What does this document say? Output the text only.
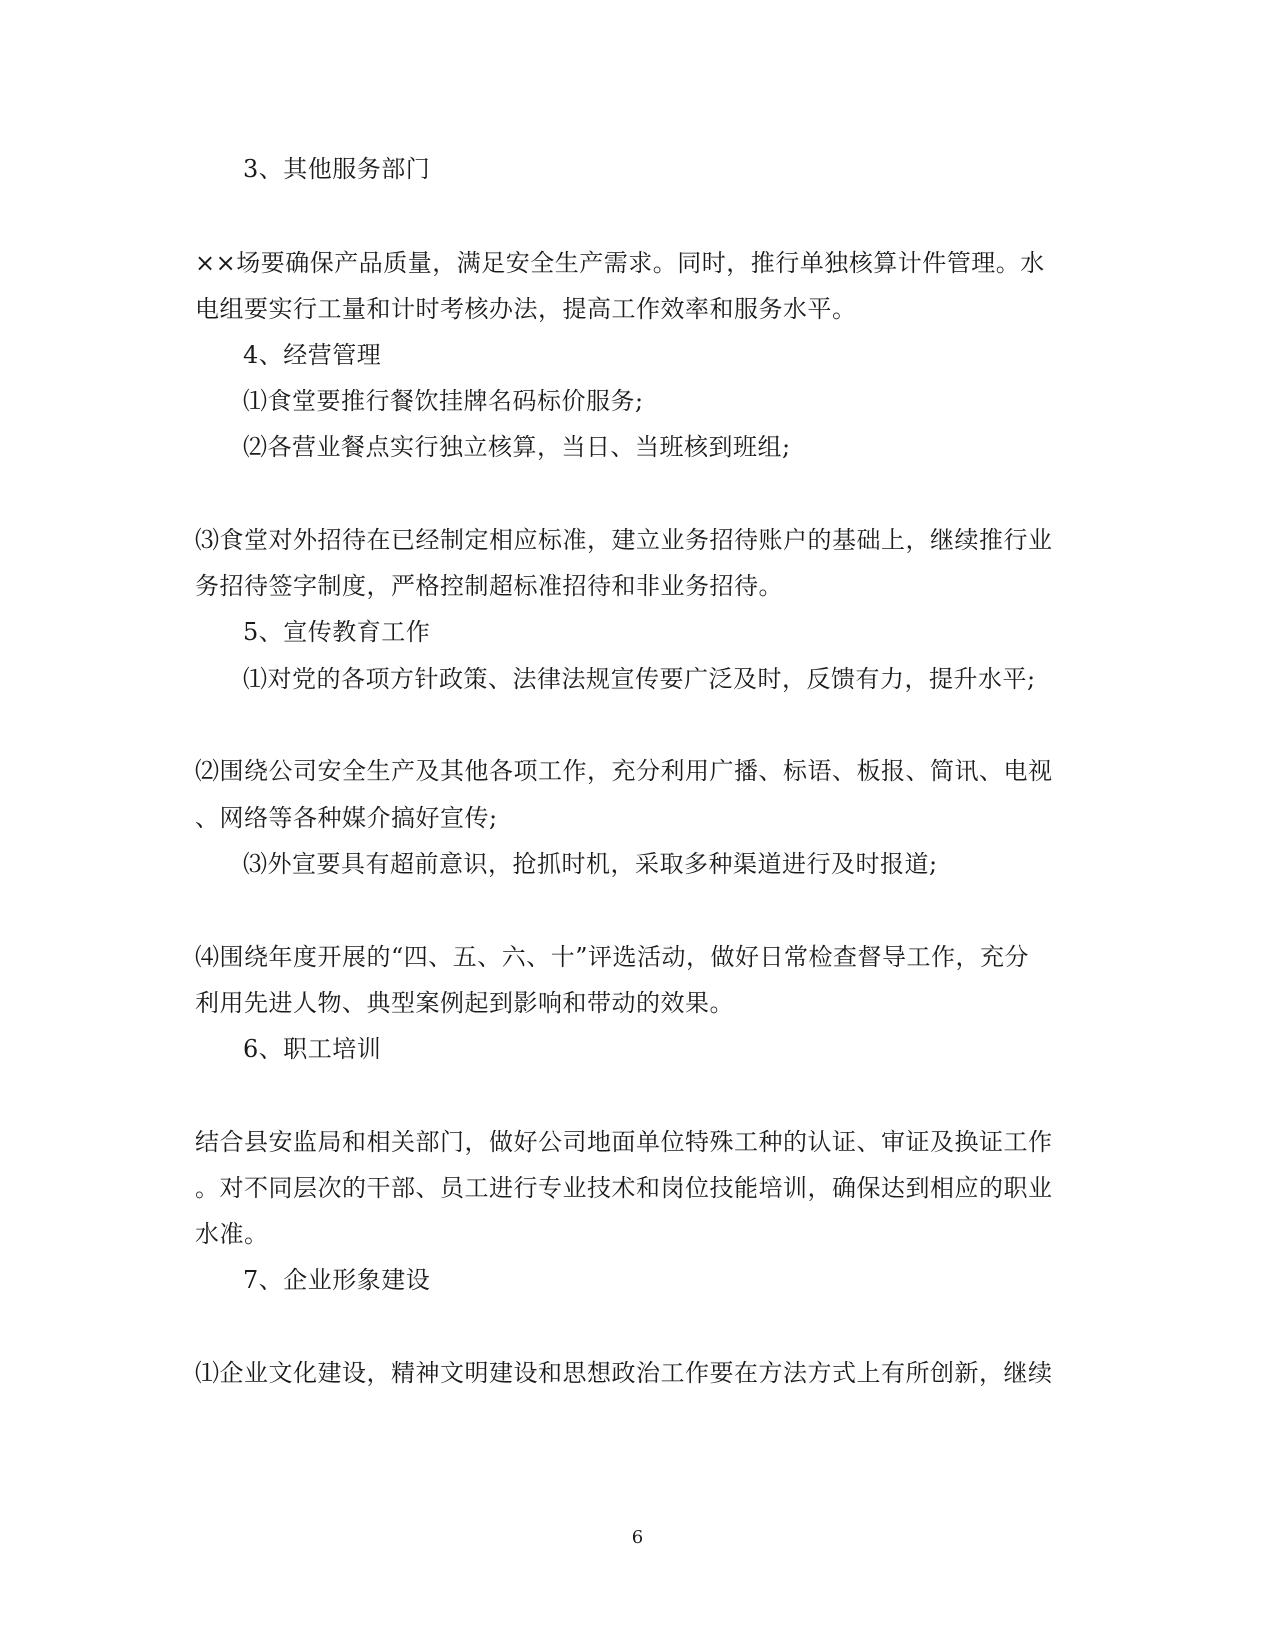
3、其他服务部门
××场要确保产品质量，满足安全生产需求。同时，推行单独核算计件管理。水
电组要实行工量和计时考核办法，提高工作效率和服务水平。
4、经营管理
⑴食堂要推行餐饮挂牌名码标价服务;
⑵各营业餐点实行独立核算，当日、当班核到班组;
⑶食堂对外招待在已经制定相应标准，建立业务招待账户的基础上，继续推行业
务招待签字制度，严格控制超标准招待和非业务招待。
5、宣传教育工作
⑴对党的各项方针政策、法律法规宣传要广泛及时，反馈有力，提升水平;
⑵围绕公司安全生产及其他各项工作，充分利用广播、标语、板报、简讯、电视
、网络等各种媒介搞好宣传;
⑶外宣要具有超前意识，抢抓时机，采取多种渠道进行及时报道;
⑷围绕年度开展的“四、五、六、十”评选活动，做好日常检查督导工作，充分
利用先进人物、典型案例起到影响和带动的效果。
6、职工培训
结合县安监局和相关部门，做好公司地面单位特殊工种的认证、审证及换证工作
。对不同层次的干部、员工进行专业技术和岗位技能培训，确保达到相应的职业
水准。
7、企业形象建设
⑴企业文化建设，精神文明建设和思想政治工作要在方法方式上有所创新，继续
6
